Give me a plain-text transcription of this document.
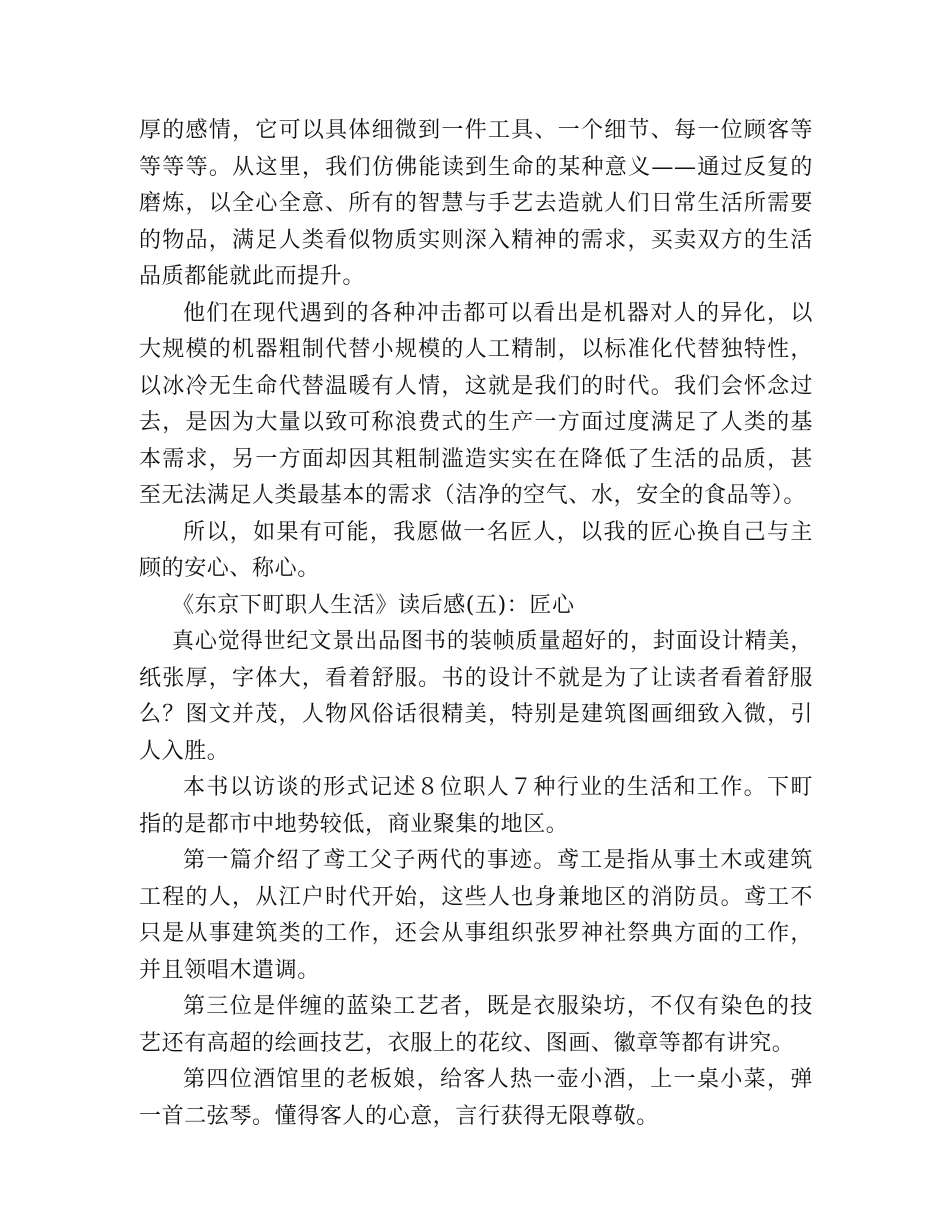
厚的感情，它可以具体细微到一件工具、一个细节、每一位顾客等等等等。从这里，我们仿佛能读到生命的某种意义——通过反复的磨炼，以全心全意、所有的智慧与手艺去造就人们日常生活所需要的物品，满足人类看似物质实则深入精神的需求，买卖双方的生活品质都能就此而提升。

他们在现代遇到的各种冲击都可以看出是机器对人的异化，以大规模的机器粗制代替小规模的人工精制，以标准化代替独特性，以冰冷无生命代替温暖有人情，这就是我们的时代。我们会怀念过去，是因为大量以致可称浪费式的生产一方面过度满足了人类的基本需求，另一方面却因其粗制滥造实实在在降低了生活的品质，甚至无法满足人类最基本的需求（洁净的空气、水，安全的食品等）。

所以，如果有可能，我愿做一名匠人，以我的匠心换自己与主顾的安心、称心。

《东京下町职人生活》读后感(五)：匠心

真心觉得世纪文景出品图书的装帧质量超好的，封面设计精美，纸张厚，字体大，看着舒服。书的设计不就是为了让读者看着舒服么？图文并茂，人物风俗话很精美，特别是建筑图画细致入微，引人入胜。

本书以访谈的形式记述８位职人７种行业的生活和工作。下町指的是都市中地势较低，商业聚集的地区。

第一篇介绍了鸢工父子两代的事迹。鸢工是指从事土木或建筑工程的人，从江户时代开始，这些人也身兼地区的消防员。鸢工不只是从事建筑类的工作，还会从事组织张罗神社祭典方面的工作，并且领唱木遣调。

第三位是伴缠的蓝染工艺者，既是衣服染坊，不仅有染色的技艺还有高超的绘画技艺，衣服上的花纹、图画、徽章等都有讲究。

第四位酒馆里的老板娘，给客人热一壶小酒，上一桌小菜，弹一首二弦琴。懂得客人的心意，言行获得无限尊敬。
